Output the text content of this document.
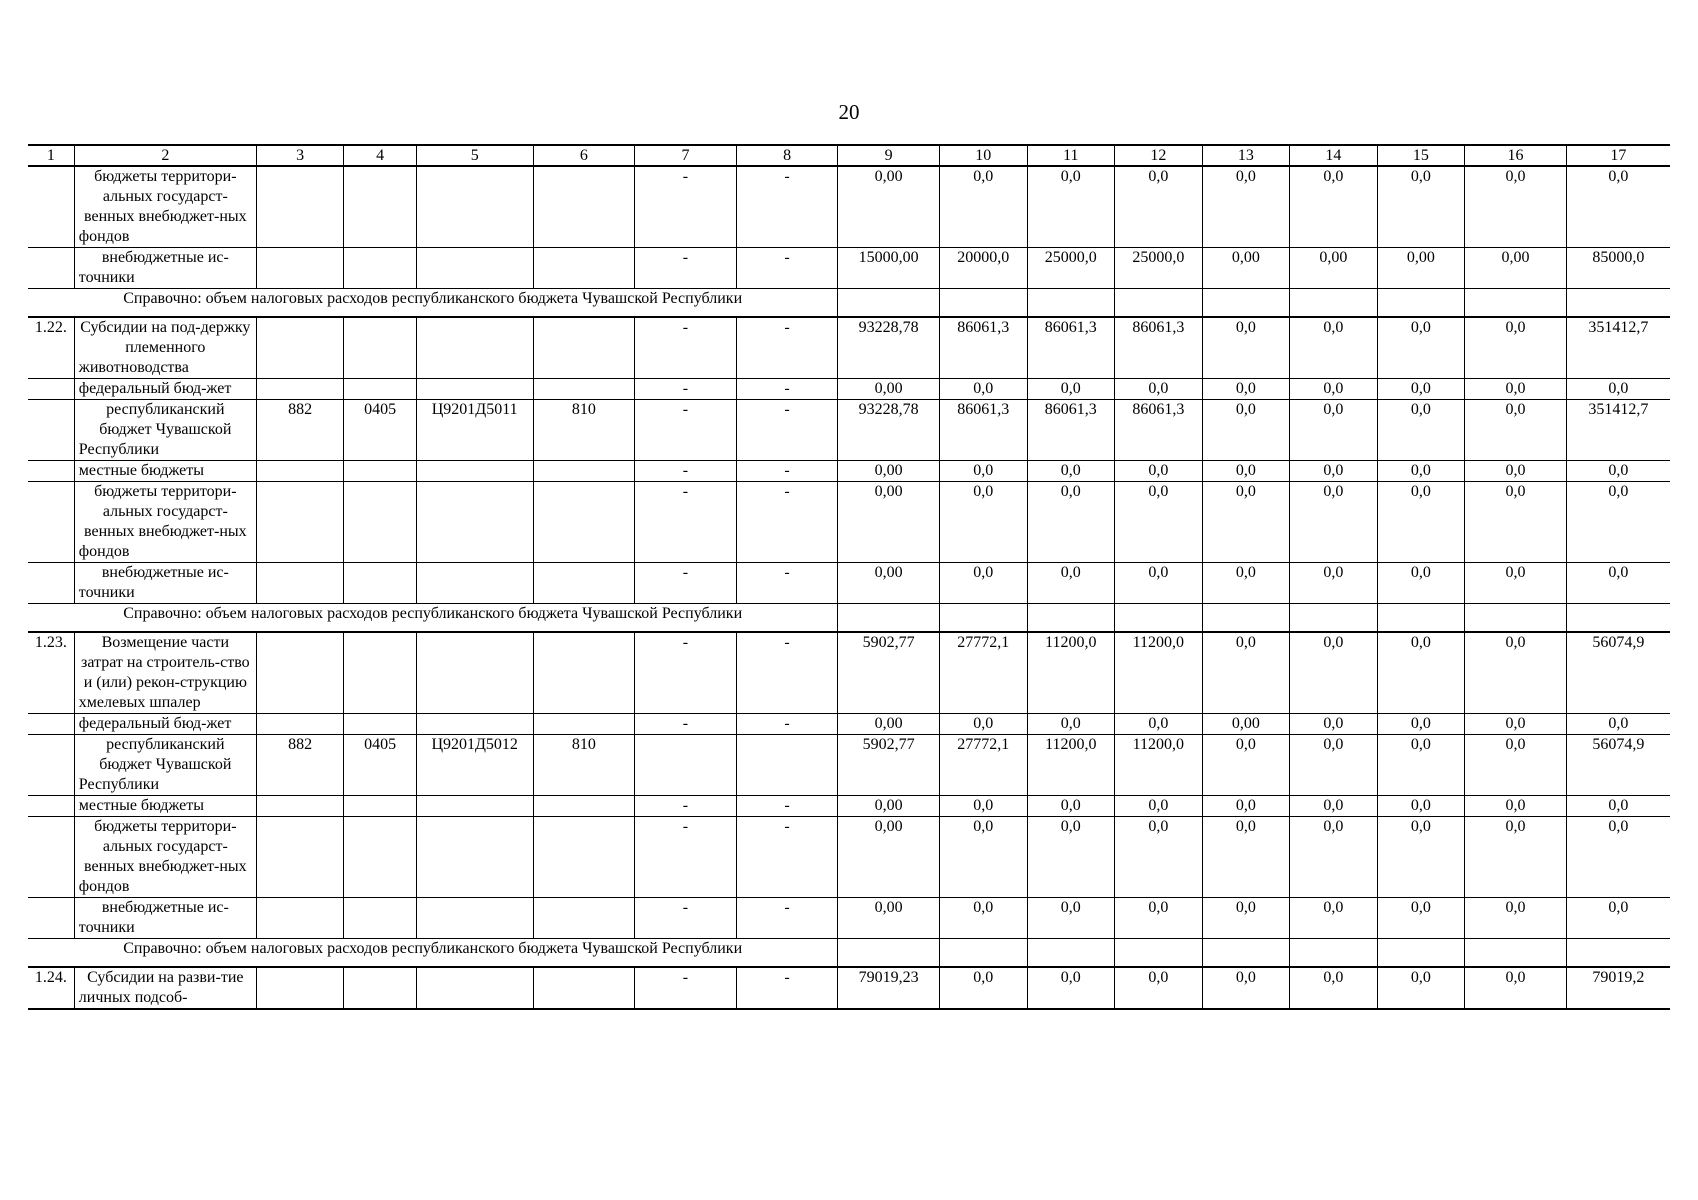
20
1	2	3	4	5	6	7	8	9	10	11	12	13	14	15	16	17
	бюджеты территори-альных государст-венных внебюджет-ных фондов					-	-	0,00	0,0	0,0	0,0	0,0	0,0	0,0	0,0	0,0
	внебюджетные ис-точники					-	-	15000,00	20000,0	25000,0	25000,0	0,00	0,00	0,00	0,00	85000,0
Справочно: объем налоговых расходов республиканского бюджета Чувашской Республики																
1.22.	Субсидии на под-держку племенного животноводства					-	-	93228,78	86061,3	86061,3	86061,3	0,0	0,0	0,0	0,0	351412,7
	федеральный бюд-жет					-	-	0,00	0,0	0,0	0,0	0,0	0,0	0,0	0,0	0,0
	республиканский бюджет Чувашской Республики	882	0405	Ц9201Д5011	810	-	-	93228,78	86061,3	86061,3	86061,3	0,0	0,0	0,0	0,0	351412,7
	местные бюджеты					-	-	0,00	0,0	0,0	0,0	0,0	0,0	0,0	0,0	0,0
	бюджеты территори-альных государст-венных внебюджет-ных фондов					-	-	0,00	0,0	0,0	0,0	0,0	0,0	0,0	0,0	0,0
	внебюджетные ис-точники					-	-	0,00	0,0	0,0	0,0	0,0	0,0	0,0	0,0	0,0
Справочно: объем налоговых расходов республиканского бюджета Чувашской Республики																
1.23.	Возмещение части затрат на строитель-ство и (или) рекон-струкцию хмелевых шпалер					-	-	5902,77	27772,1	11200,0	11200,0	0,0	0,0	0,0	0,0	56074,9
	федеральный бюд-жет					-	-	0,00	0,0	0,0	0,0	0,00	0,0	0,0	0,0	0,0
	республиканский бюджет Чувашской Республики	882	0405	Ц9201Д5012	810			5902,77	27772,1	11200,0	11200,0	0,0	0,0	0,0	0,0	56074,9
	местные бюджеты					-	-	0,00	0,0	0,0	0,0	0,0	0,0	0,0	0,0	0,0
	бюджеты территори-альных государст-венных внебюджет-ных фондов					-	-	0,00	0,0	0,0	0,0	0,0	0,0	0,0	0,0	0,0
	внебюджетные ис-точники					-	-	0,00	0,0	0,0	0,0	0,0	0,0	0,0	0,0	0,0
Справочно: объем налоговых расходов республиканского бюджета Чувашской Республики																
1.24.	Субсидии на разви-тие личных подсоб-					-	-	79019,23	0,0	0,0	0,0	0,0	0,0	0,0	0,0	79019,2
